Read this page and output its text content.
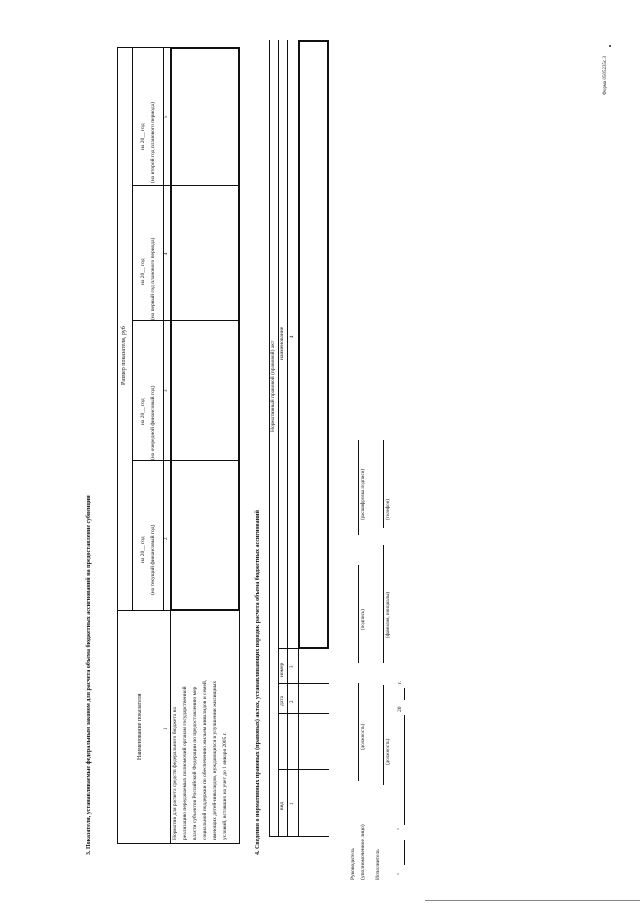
Форма 0505235с.3
3. Показатели, устанавливаемые федеральным законом для расчета объема бюджетных ассигнований на предоставление субвенции	Наименование показателя
Размер показателя, руб
на 20__ год (на текущий финансовый год)
на 20__ год (на очередной финансовый год)
на 20__ год (на первый год планового периода)
на 20__ год (на второй год планового периода)
1
2
3
4
5
Норматив для расчета средств федерального бюджета на реализацию передаваемых полномочий органам государственной власти субъектов Российской Федерации по предоставлению мер социальной поддержки по обеспечению жильем инвалидов и семей, имеющих детей-инвалидов, нуждающихся в улучшении жилищных условий, вставших на учет до 1 января 2005 г.	4. Сведения о нормативных правовых (правовых) актах, устанавливающих порядок расчета объема бюджетных ассигнований
Нормативный правовой (правовой) акт
вид
дата
номер
наименование
1
2
3
4
Руководитель (уполномоченное лицо)
(должность)
(подпись)
(расшифровка подписи)
Исполнитель
(должность)
(фамилия, инициалы)
(телефон)
"
"
20
г.
